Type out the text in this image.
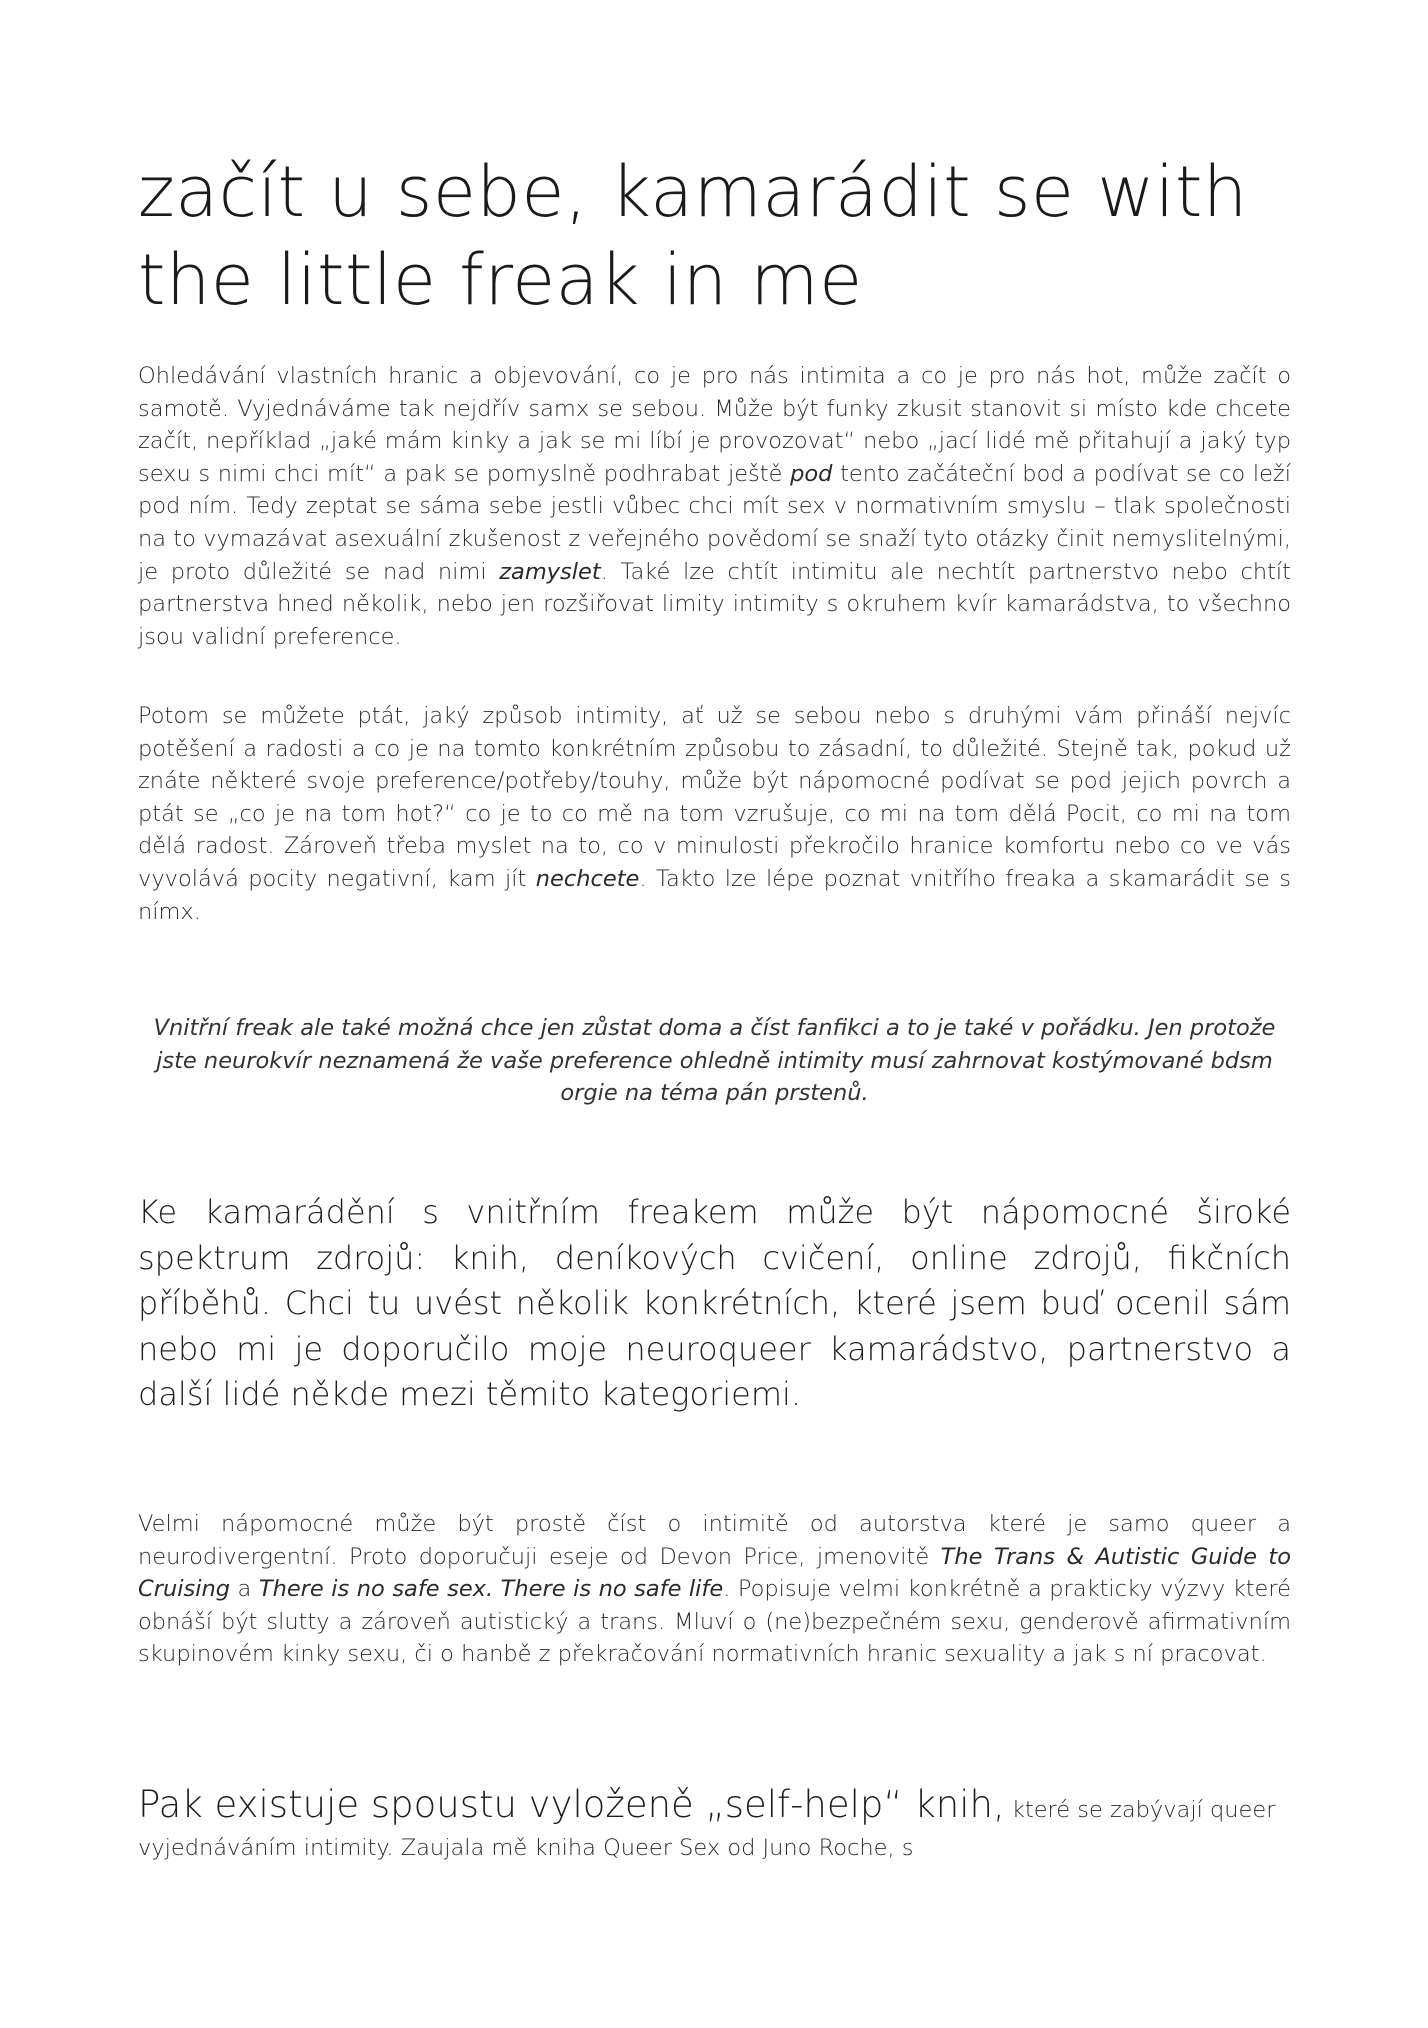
začít u sebe, kamarádit se with the little freak in me

Ohledávání vlastních hranic a objevování, co je pro nás intimita a co je pro nás hot, může začít o samotě. Vyjednáváme tak nejdřív samx se sebou. Může být funky zkusit stanovit si místo kde chcete začít, nepříklad „jaké mám kinky a jak se mi líbí je provozovat“ nebo „jací lidé mě přitahují a jaký typ sexu s nimi chci mít“ a pak se pomyslně podhrabat ještě pod tento začáteční bod a podívat se co leží pod ním. Tedy zeptat se sáma sebe jestli vůbec chci mít sex v normativním smyslu – tlak společnosti na to vymazávat asexuální zkušenost z veřejného povědomí se snaží tyto otázky činit nemyslitelnými, je proto důležité se nad nimi zamyslet. Také lze chtít intimitu ale nechtít partnerstvo nebo chtít partnerstva hned několik, nebo jen rozšiřovat limity intimity s okruhem kvír kamarádstva, to všechno jsou validní preference.

Potom se můžete ptát, jaký způsob intimity, ať už se sebou nebo s druhými vám přináší nejvíc potěšení a radosti a co je na tomto konkrétním způsobu to zásadní, to důležité. Stejně tak, pokud už znáte některé svoje preference/potřeby/touhy, může být nápomocné podívat se pod jejich povrch a ptát se „co je na tom hot?“ co je to co mě na tom vzrušuje, co mi na tom dělá Pocit, co mi na tom dělá radost. Zároveň třeba myslet na to, co v minulosti překročilo hranice komfortu nebo co ve vás vyvolává pocity negativní, kam jít nechcete. Takto lze lépe poznat vnitřího freaka a skamarádit se s nímx.

Vnitřní freak ale také možná chce jen zůstat doma a číst fanfikci a to je také v pořádku. Jen protože jste neurokvír neznamená že vaše preference ohledně intimity musí zahrnovat kostýmované bdsm orgie na téma pán prstenů.

Ke kamarádění s vnitřním freakem může být nápomocné široké spektrum zdrojů: knih, deníkových cvičení, online zdrojů, fikčních příběhů. Chci tu uvést několik konkrétních, které jsem buď ocenil sám nebo mi je doporučilo moje neuroqueer kamarádstvo, partnerstvo a další lidé někde mezi těmito kategoriemi.

Velmi nápomocné může být prostě číst o intimitě od autorstva které je samo queer a neurodivergentní. Proto doporučuji eseje od Devon Price, jmenovitě The Trans & Autistic Guide to Cruising a There is no safe sex. There is no safe life. Popisuje velmi konkrétně a prakticky výzvy které obnáší být slutty a zároveň autistický a trans. Mluví o (ne)bezpečném sexu, genderově afirmativním skupinovém kinky sexu, či o hanbě z překračování normativních hranic sexuality a jak s ní pracovat.

Pak existuje spoustu vyloženě „self-help“ knih, které se zabývají queer vyjednáváním intimity. Zaujala mě kniha Queer Sex od Juno Roche, s
